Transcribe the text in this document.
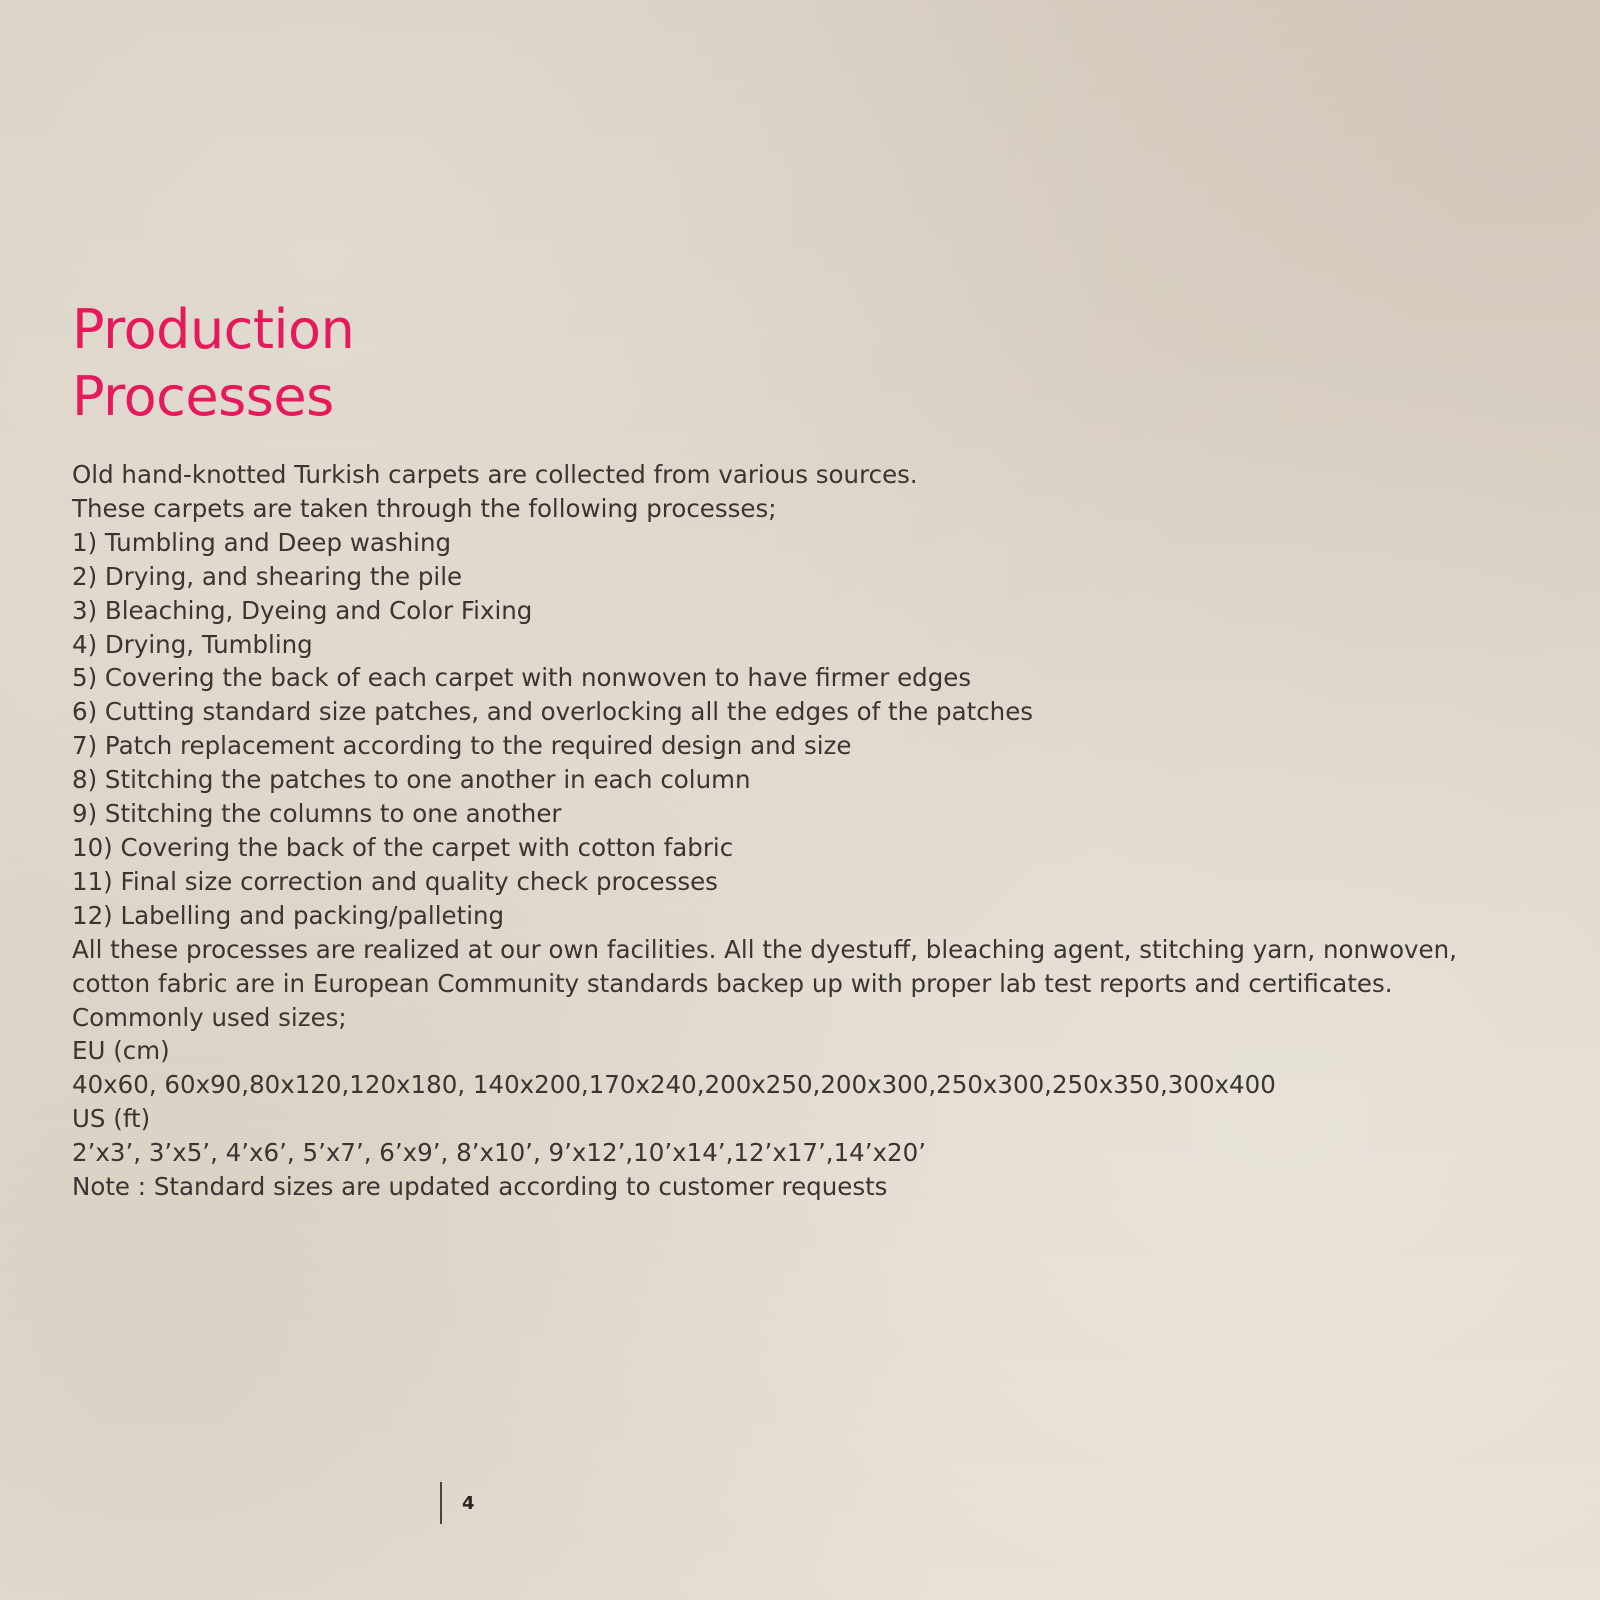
Production
Processes
Old hand-knotted Turkish carpets are collected from various sources.
These carpets are taken through the following processes;
1) Tumbling and Deep washing
2) Drying, and shearing the pile
3) Bleaching, Dyeing and Color Fixing
4) Drying, Tumbling
5) Covering the back of each carpet with nonwoven to have firmer edges
6) Cutting standard size patches, and overlocking all the edges of the patches
7) Patch replacement according to the required design and size
8) Stitching the patches to one another in each column
9) Stitching the columns to one another
10) Covering the back of the carpet with cotton fabric
11) Final size correction and quality check processes
12) Labelling and packing/palleting
All these processes are realized at our own facilities. All the dyestuff, bleaching agent, stitching yarn, nonwoven,
cotton fabric are in European Community standards backep up with proper lab test reports and certificates.
Commonly used sizes;
EU (cm)
40x60, 60x90,80x120,120x180, 140x200,170x240,200x250,200x300,250x300,250x350,300x400
US (ft)
2’x3’, 3’x5’, 4’x6’, 5’x7’, 6’x9’, 8’x10’, 9’x12’,10’x14’,12’x17’,14’x20’
Note : Standard sizes are updated according to customer requests
4
